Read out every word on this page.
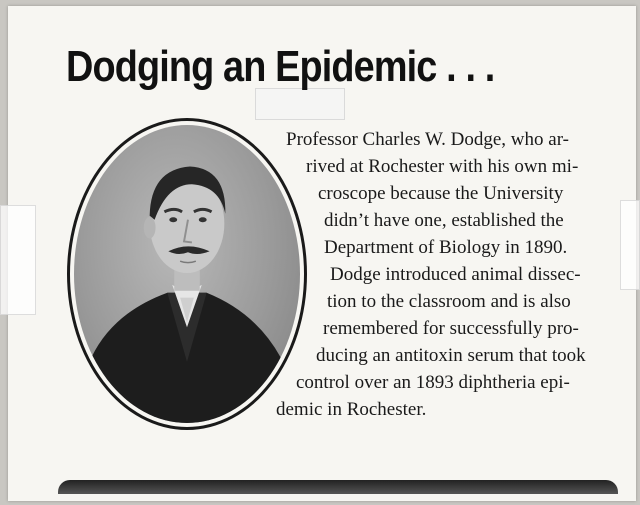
Dodging an Epidemic . . .
Professor Charles W. Dodge, who ar-
rived at Rochester with his own mi-
croscope because the University
didn’t have one, established the
Department of Biology in 1890.
Dodge introduced animal dissec-
tion to the classroom and is also
remembered for successfully pro-
ducing an antitoxin serum that took
control over an 1893 diphtheria epi-
demic in Rochester.
